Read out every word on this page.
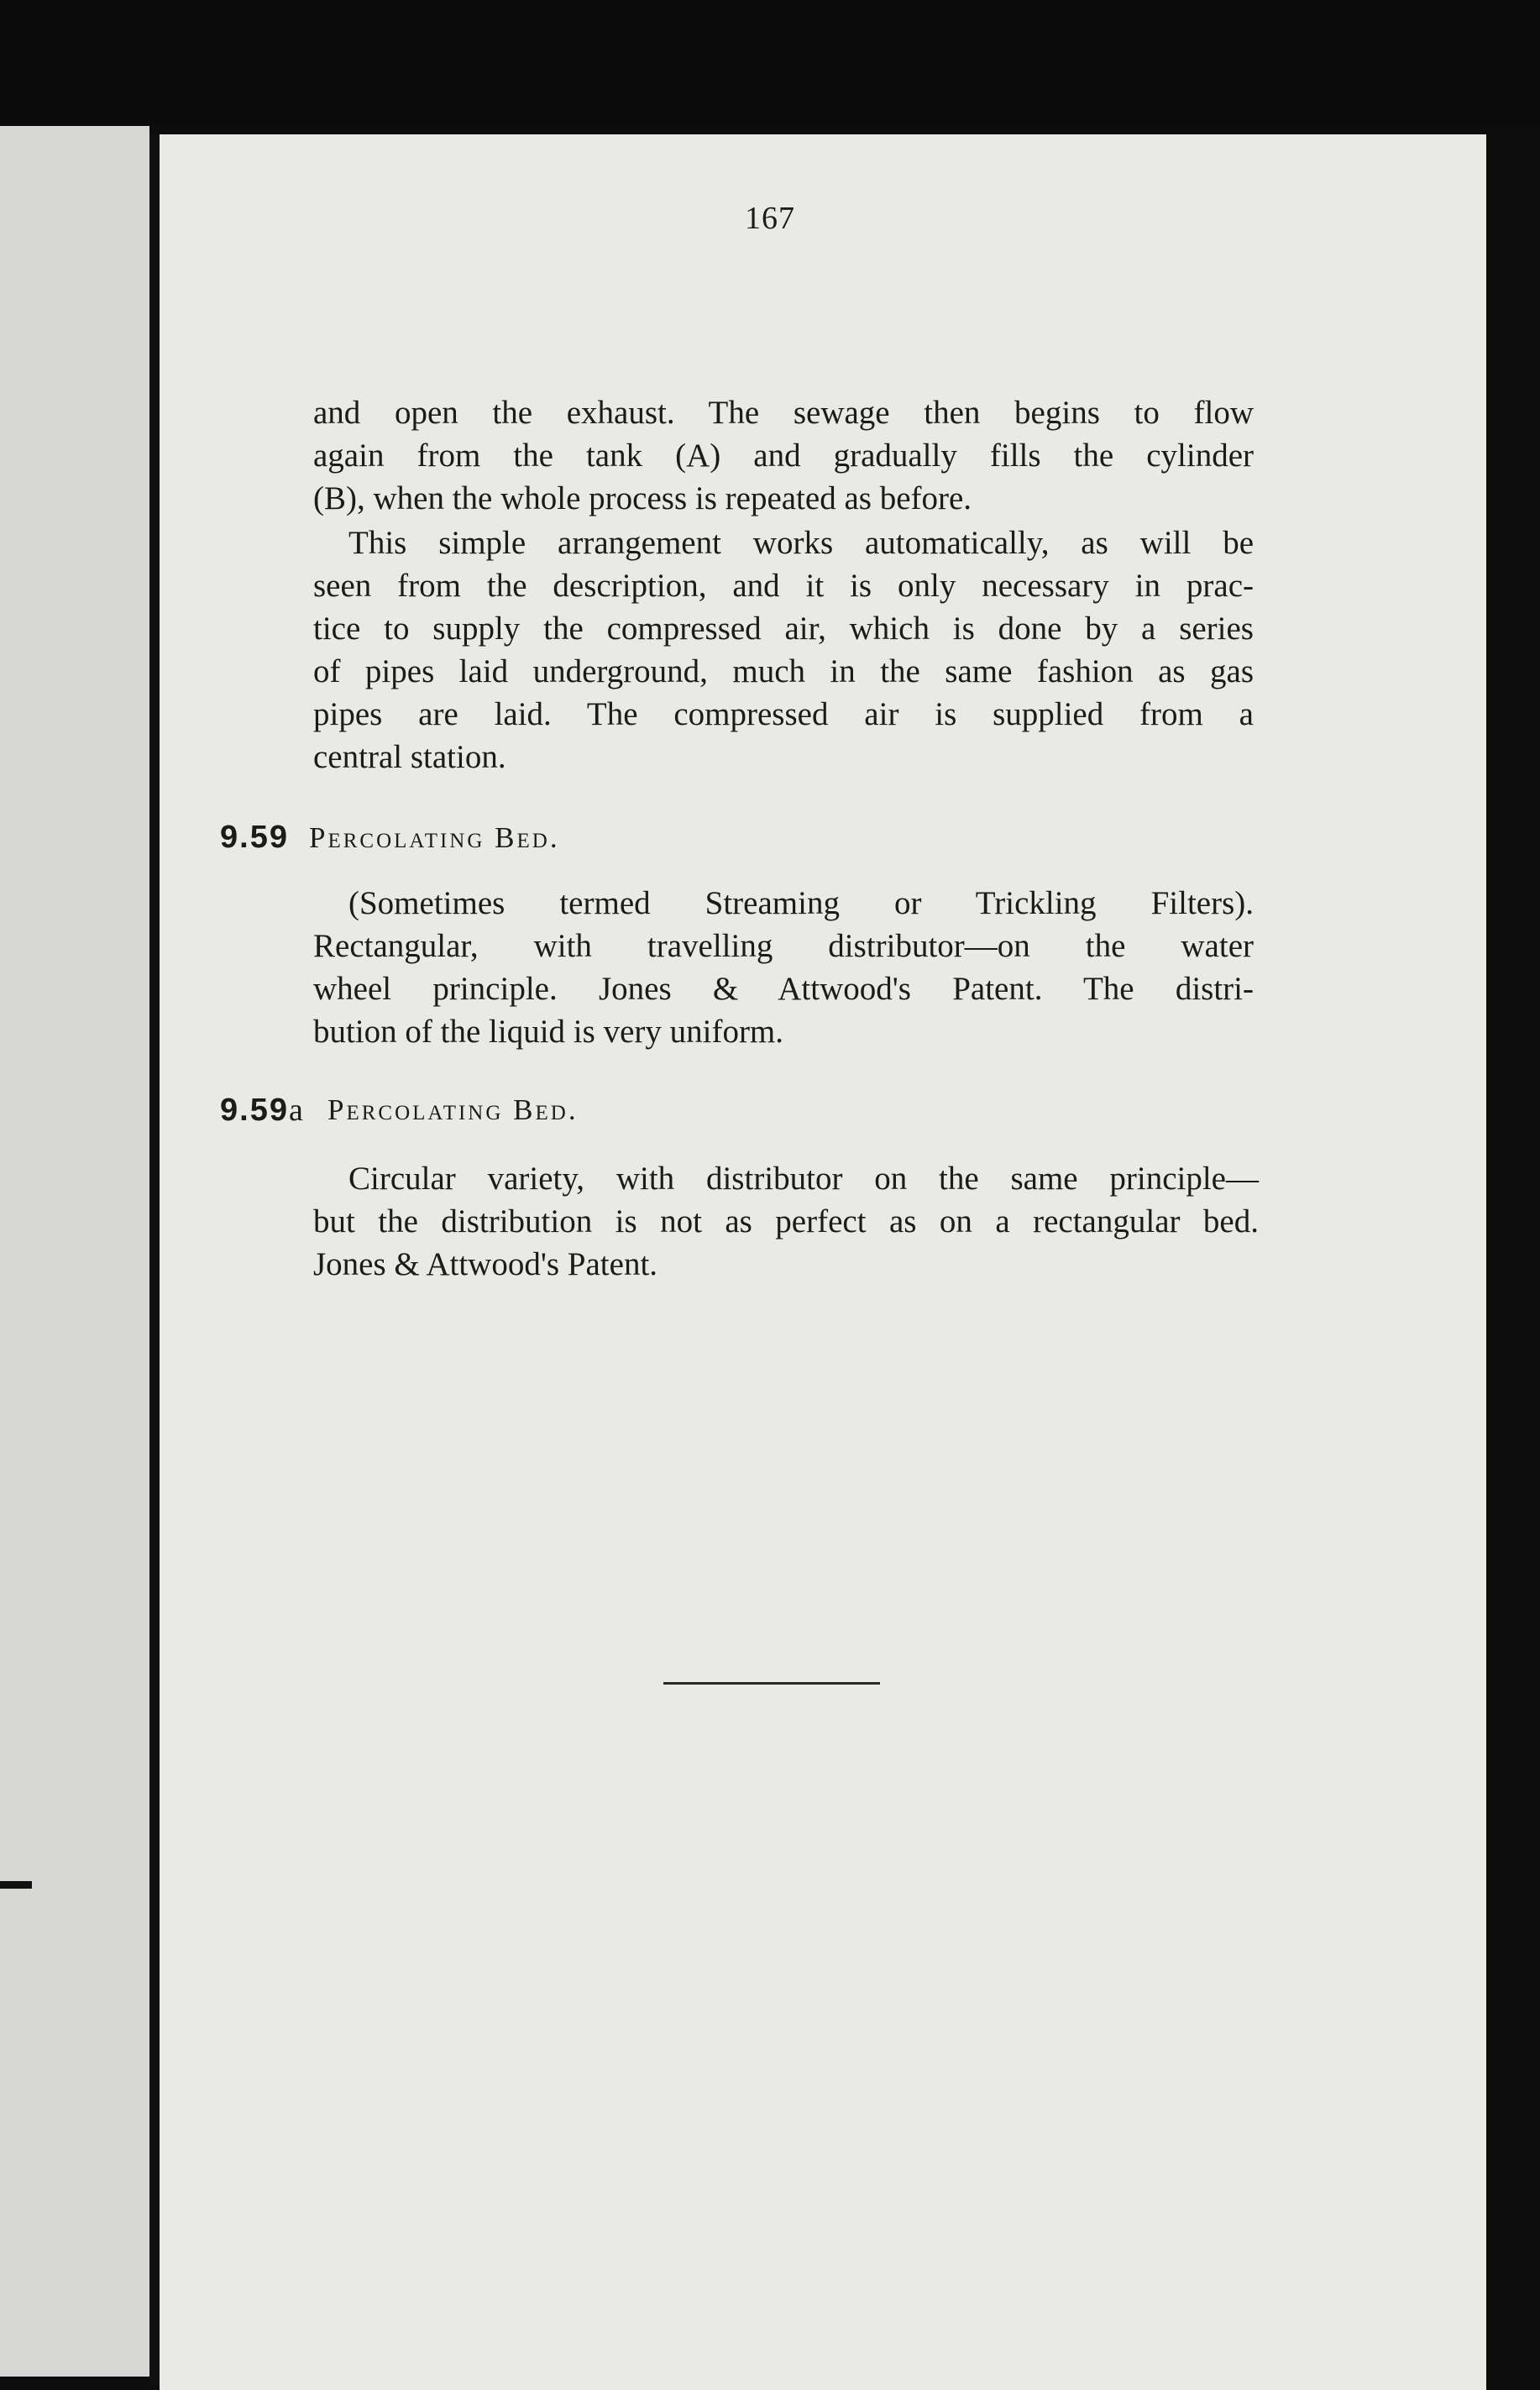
167

and open the exhaust. The sewage then begins to flow
again from the tank (A) and gradually fills the cylinder
(B), when the whole process is repeated as before.

This simple arrangement works automatically, as will be
seen from the description, and it is only necessary in prac-
tice to supply the compressed air, which is done by a series
of pipes laid underground, much in the same fashion as gas
pipes are laid. The compressed air is supplied from a
central station.

9.59 Percolating Bed.

(Sometimes termed Streaming or Trickling Filters).
Rectangular, with travelling distributor—on the water
wheel principle. Jones & Attwood's Patent. The distri-
bution of the liquid is very uniform.

9.59a Percolating Bed.

Circular variety, with distributor on the same principle—
but the distribution is not as perfect as on a rectangular bed.
Jones & Attwood's Patent.
